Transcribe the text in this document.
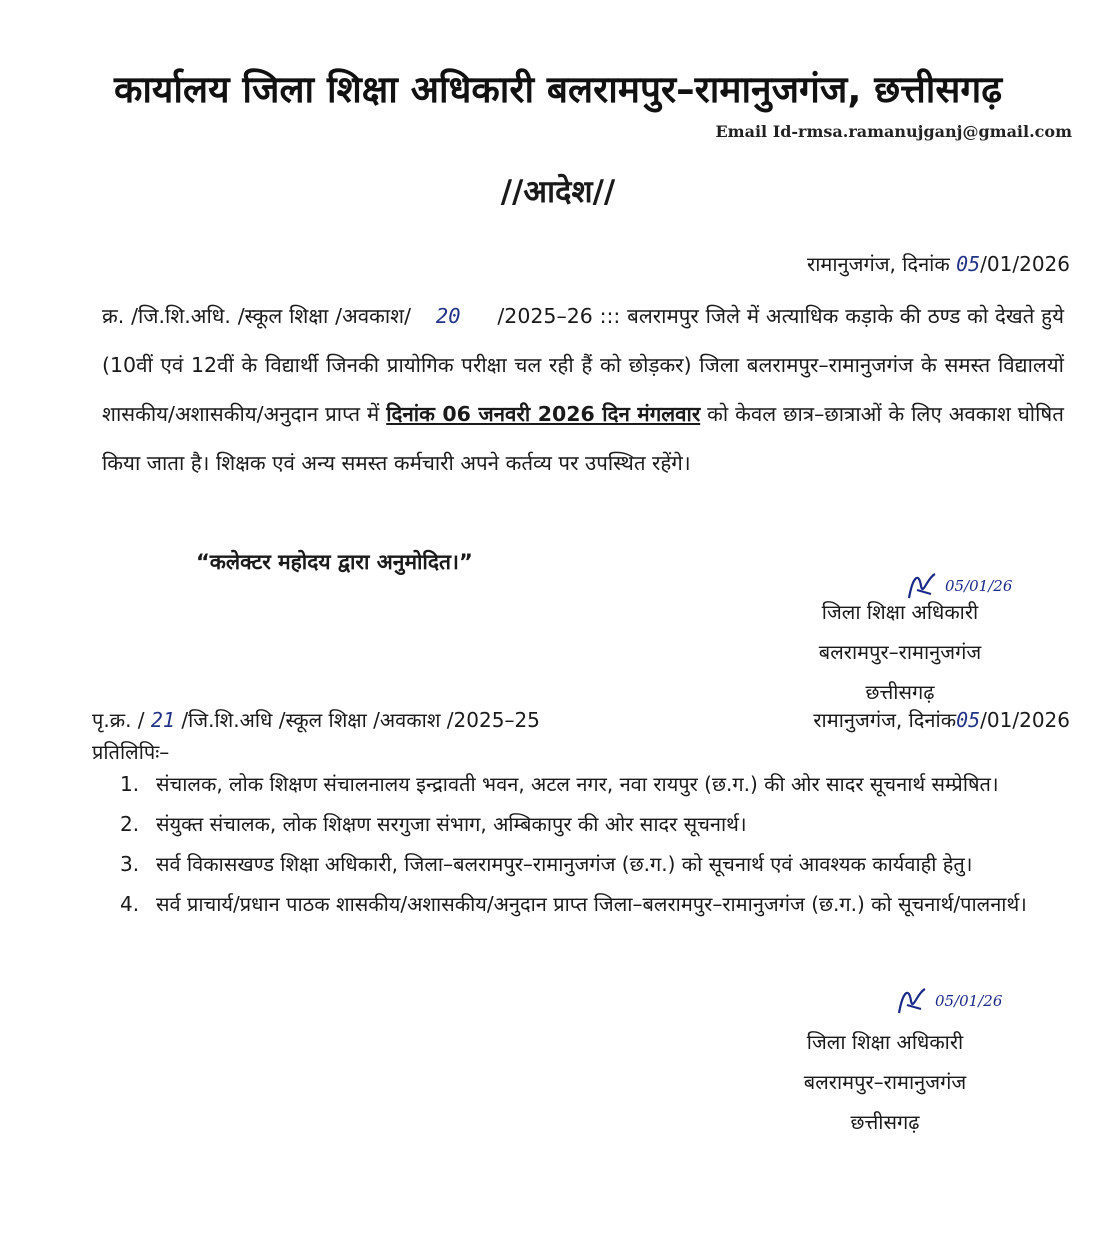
कार्यालय जिला शिक्षा अधिकारी बलरामपुर–रामानुजगंज, छत्तीसगढ़
Email Id-rmsa.ramanujganj@gmail.com
//आदेश//
रामानुजगंज, दिनांक 05/01/2026
क्र. /जि.शि.अधि. /स्कूल शिक्षा /अवकाश/ 20 /2025–26 ::: बलरामपुर जिले में अत्याधिक कड़ाके की ठण्ड को देखते हुये (10वीं एवं 12वीं के विद्यार्थी जिनकी प्रायोगिक परीक्षा चल रही हैं को छोड़कर) जिला बलरामपुर–रामानुजगंज के समस्त विद्यालयों शासकीय/अशासकीय/अनुदान प्राप्त में दिनांक 06 जनवरी 2026 दिन मंगलवार को केवल छात्र–छात्राओं के लिए अवकाश घोषित किया जाता है। शिक्षक एवं अन्य समस्त कर्मचारी अपने कर्तव्य पर उपस्थित रहेंगे।
“कलेक्टर महोदय द्वारा अनुमोदित।”
05/01/26
जिला शिक्षा अधिकारी
बलरामपुर–रामानुजगंज
छत्तीसगढ़
पृ.क्र. / 21 /जि.शि.अधि /स्कूल शिक्षा /अवकाश /2025–25	रामानुजगंज, दिनांक05/01/2026
प्रतिलिपिः–
1. संचालक, लोक शिक्षण संचालनालय इन्द्रावती भवन, अटल नगर, नवा रायपुर (छ.ग.) की ओर सादर सूचनार्थ सम्प्रेषित।
2. संयुक्त संचालक, लोक शिक्षण सरगुजा संभाग, अम्बिकापुर की ओर सादर सूचनार्थ।
3. सर्व विकासखण्ड शिक्षा अधिकारी, जिला–बलरामपुर–रामानुजगंज (छ.ग.) को सूचनार्थ एवं आवश्यक कार्यवाही हेतु।
4. सर्व प्राचार्य/प्रधान पाठक शासकीय/अशासकीय/अनुदान प्राप्त जिला–बलरामपुर–रामानुजगंज (छ.ग.) को सूचनार्थ/पालनार्थ।
05/01/26
जिला शिक्षा अधिकारी
बलरामपुर–रामानुजगंज
छत्तीसगढ़
